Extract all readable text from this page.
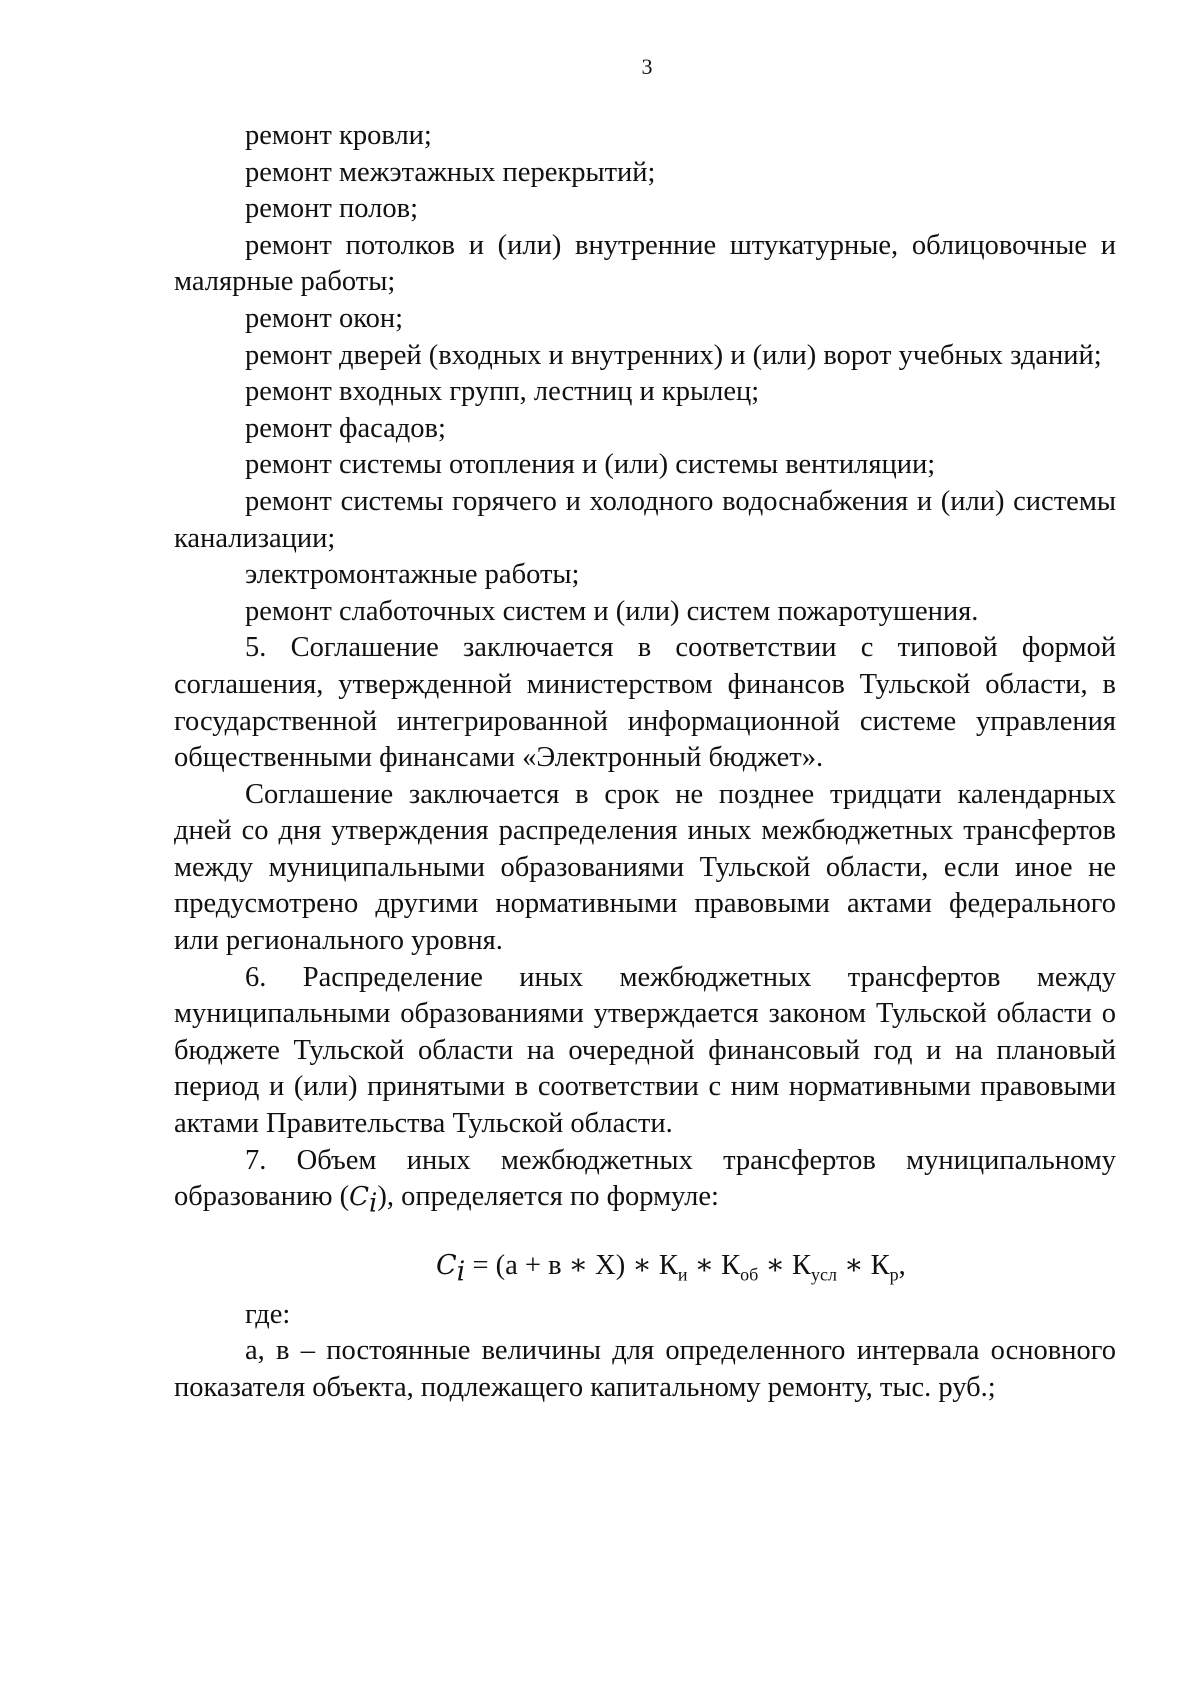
3

ремонт кровли;

ремонт межэтажных перекрытий;

ремонт полов;

ремонт потолков и (или) внутренние штукатурные, облицовочные и малярные работы;

ремонт окон;

ремонт дверей (входных и внутренних) и (или) ворот учебных зданий;

ремонт входных групп, лестниц и крылец;

ремонт фасадов;

ремонт системы отопления и (или) системы вентиляции;

ремонт системы горячего и холодного водоснабжения и (или) системы канализации;

электромонтажные работы;

ремонт слаботочных систем и (или) систем пожаротушения.

5. Соглашение заключается в соответствии с типовой формой соглашения, утвержденной министерством финансов Тульской области, в государственной интегрированной информационной системе управления общественными финансами «Электронный бюджет».

Соглашение заключается в срок не позднее тридцати календарных дней со дня утверждения распределения иных межбюджетных трансфертов между муниципальными образованиями Тульской области, если иное не предусмотрено другими нормативными правовыми актами федерального или регионального уровня.

6. Распределение иных межбюджетных трансфертов между муниципальными образованиями утверждается законом Тульской области о бюджете Тульской области на очередной финансовый год и на плановый период и (или) принятыми в соответствии с ним нормативными правовыми актами Правительства Тульской области.

7. Объем иных межбюджетных трансфертов муниципальному образованию $(C_i)$, определяется по формуле:

$C_i = (а + в$ ∗ Х) ∗ $К_и$ ∗ $К_{об}$ ∗ $К_{усл}$ ∗ $К_р$,

где:

а, в – постоянные величины для определенного интервала основного показателя объекта, подлежащего капитальному ремонту, тыс. руб.;
